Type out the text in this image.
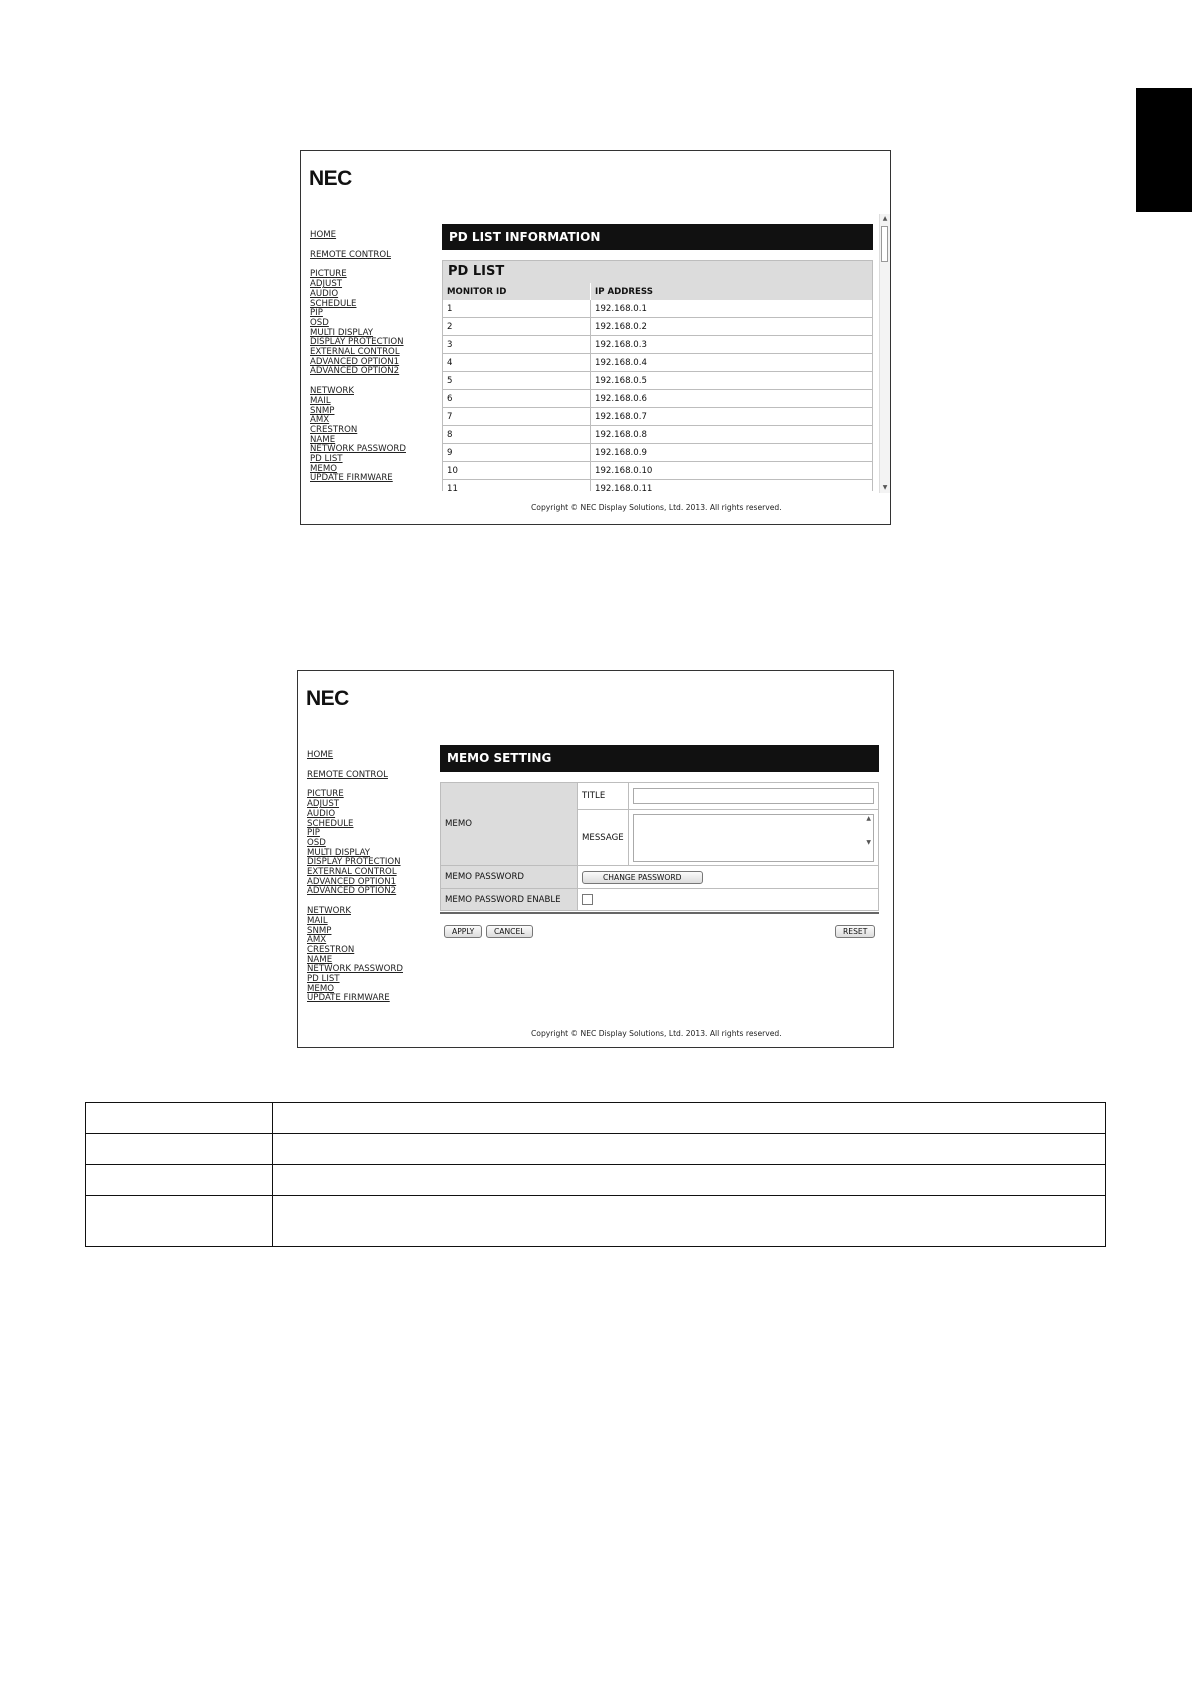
NEC
HOME
REMOTE CONTROL
PICTURE
ADJUST
AUDIO
SCHEDULE
PIP
OSD
MULTI DISPLAY
DISPLAY PROTECTION
EXTERNAL CONTROL
ADVANCED OPTION1
ADVANCED OPTION2
NETWORK
MAIL
SNMP
AMX
CRESTRON
NAME
NETWORK PASSWORD
PD LIST
MEMO
UPDATE FIRMWARE
PD LIST INFORMATION
PD LIST
MONITOR ID	IP ADDRESS
1	192.168.0.1
2	192.168.0.2
3	192.168.0.3
4	192.168.0.4
5	192.168.0.5
6	192.168.0.6
7	192.168.0.7
8	192.168.0.8
9	192.168.0.9
10	192.168.0.10
11	192.168.0.11
▲
▼
Copyright © NEC Display Solutions, Ltd. 2013. All rights reserved.
NEC
HOME
REMOTE CONTROL
PICTURE
ADJUST
AUDIO
SCHEDULE
PIP
OSD
MULTI DISPLAY
DISPLAY PROTECTION
EXTERNAL CONTROL
ADVANCED OPTION1
ADVANCED OPTION2
NETWORK
MAIL
SNMP
AMX
CRESTRON
NAME
NETWORK PASSWORD
PD LIST
MEMO
UPDATE FIRMWARE
MEMO SETTING
MEMO	TITLE	

	MESSAGE	▲

▼

MEMO PASSWORD	CHANGE PASSWORD	
MEMO PASSWORD ENABLE		
APPLY	CANCEL	RESET
Copyright © NEC Display Solutions, Ltd. 2013. All rights reserved.
